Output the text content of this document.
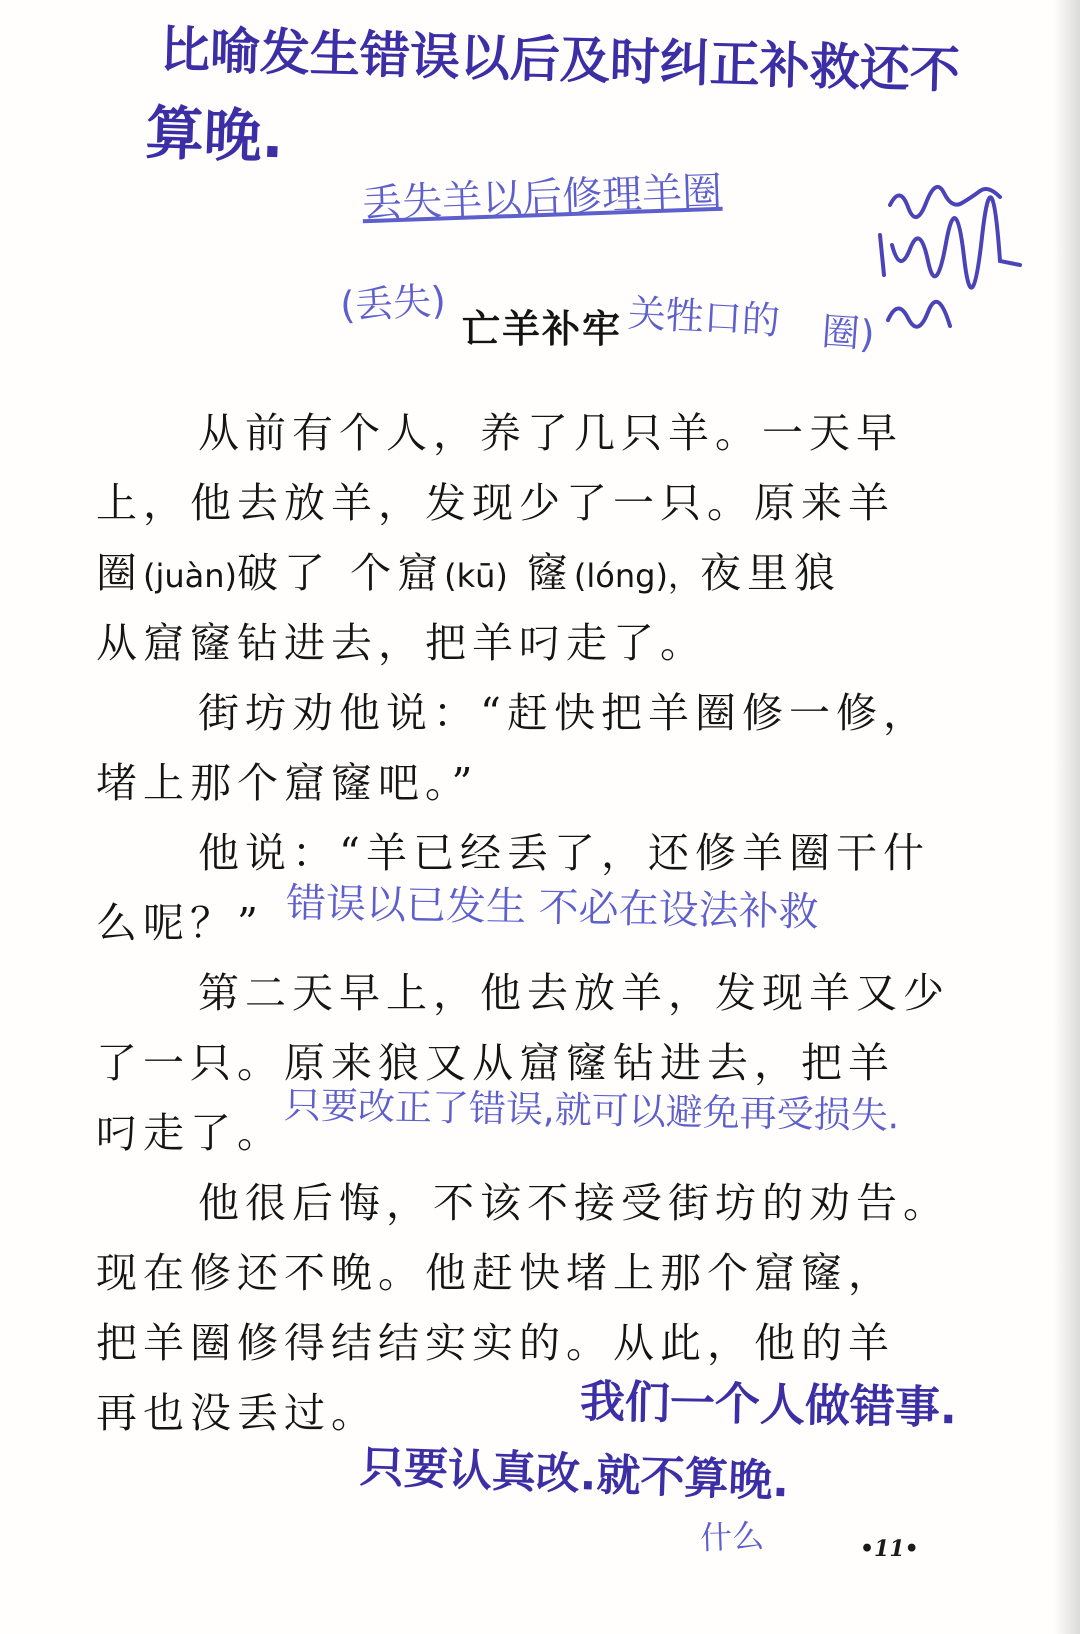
比喻发生错误以后及时纠正补救还不
算晚.
丢失羊以后修理羊圈
(丢失)
亡羊补牢 关牲口的 圈)
从前有个人，养了几只羊。一天早
上，他去放羊，发现少了一只。原来羊
圈(juàn)破了 个窟(kū) 窿(lóng)，夜里狼
从窟窿钻进去，把羊叼走了。
街坊劝他说：“赶快把羊圈修一修，
堵上那个窟窿吧。”
他说：“羊已经丢了，还修羊圈干什
么呢？” 错误以已发生 不必在设法补救
第二天早上，他去放羊，发现羊又少
了一只。原来狼又从窟窿钻进去，把羊
叼走了。 只要改正了错误,就可以避免再受损失.
他很后悔，不该不接受街坊的劝告。
现在修还不晚。他赶快堵上那个窟窿，
把羊圈修得结结实实的。从此，他的羊
再也没丢过。	我们一个人做错事.
只要认真改.就不算晚.
什么	•11•
